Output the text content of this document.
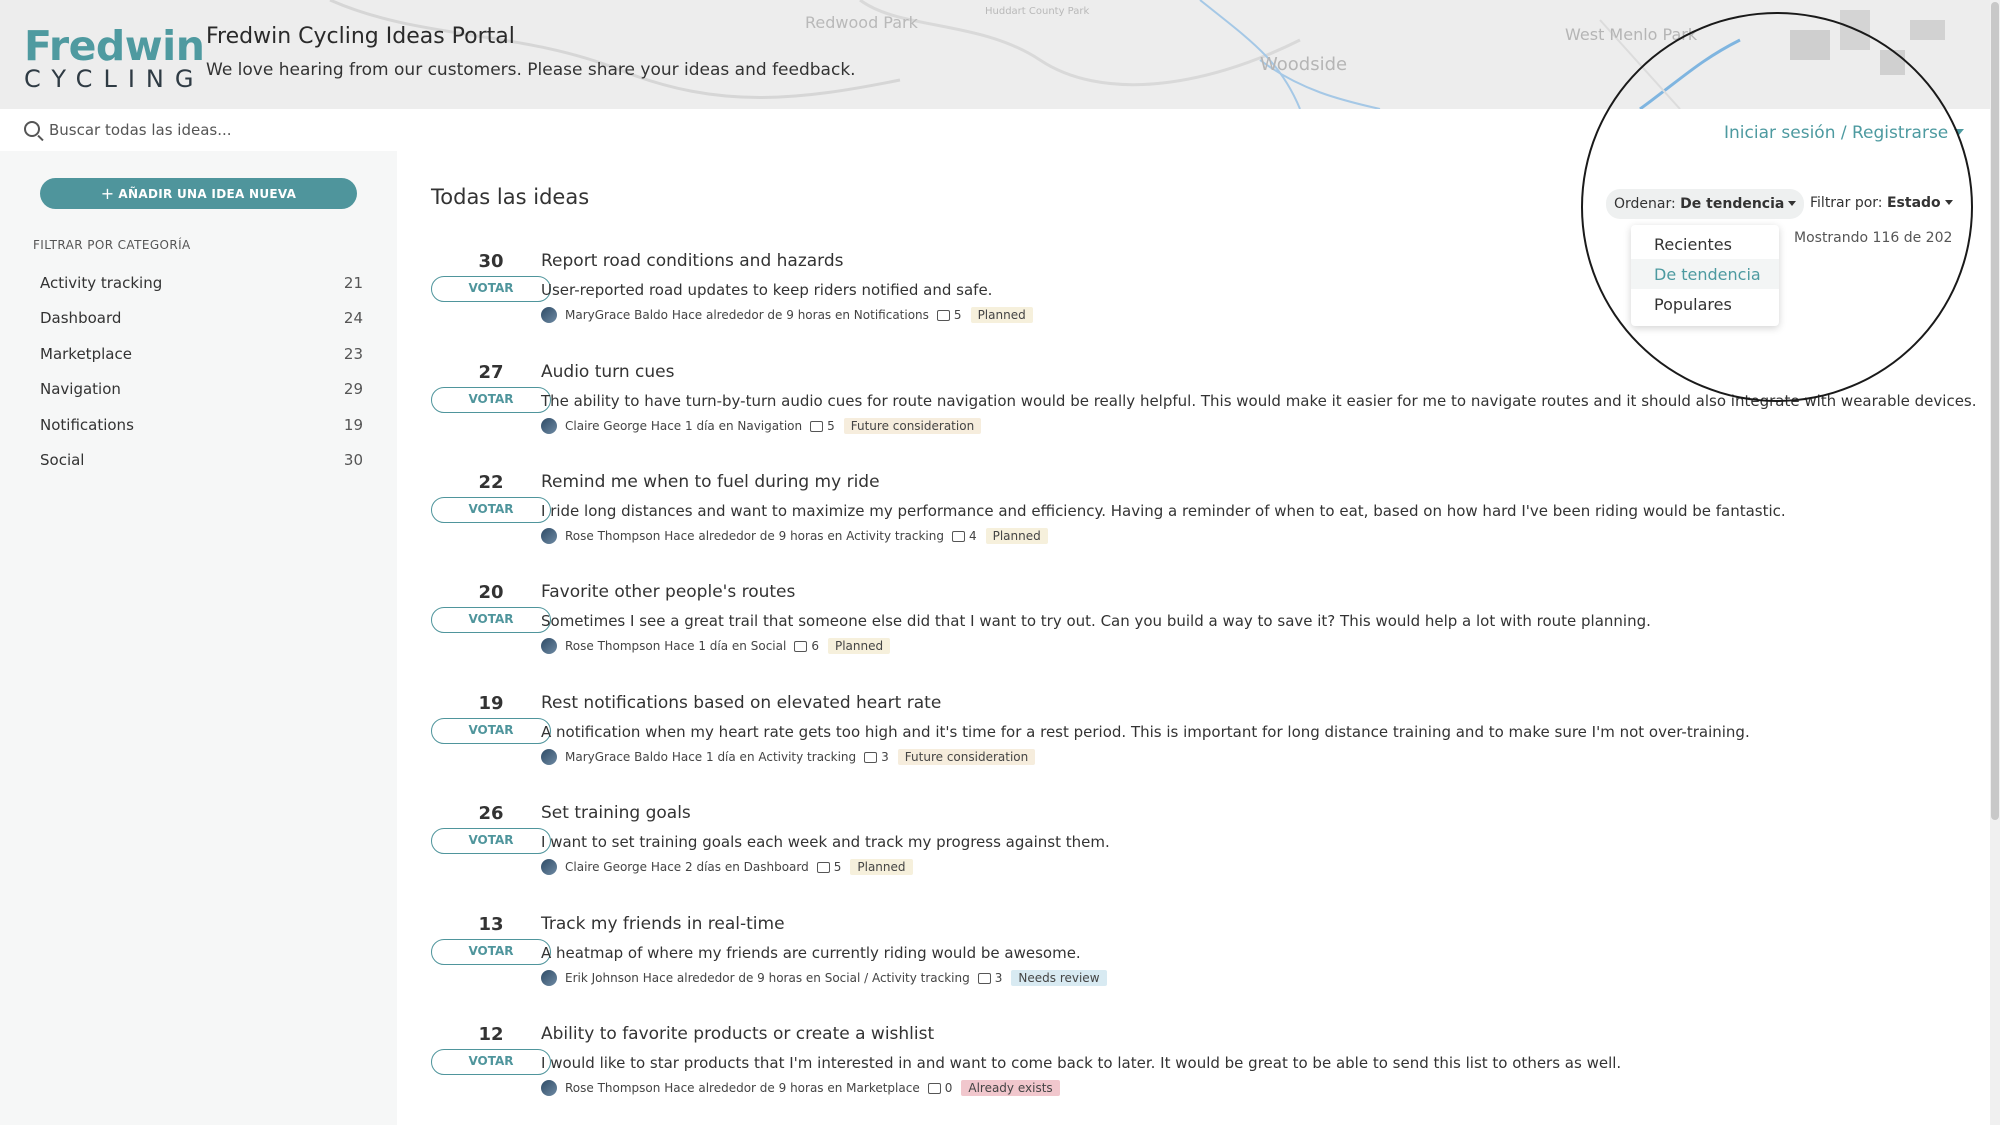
Redwood Park
Huddart County Park
Woodside
West Menlo Park
Fredwin
CYCLING
Fredwin Cycling Ideas Portal
We love hearing from our customers. Please share your ideas and feedback.
Buscar todas las ideas...
Iniciar sesión / Registrarse
+ AÑADIR UNA IDEA NUEVA
FILTRAR POR CATEGORÍA
Activity tracking	21
Dashboard	24
Marketplace	23
Navigation	29
Notifications	19
Social	30
Todas las ideas	Ordenar: De tendencia	Filtrar por: Estado
Mostrando 116 de 202
Recientes
De tendencia
Populares
30
VOTAR
Report road conditions and hazards
User-reported road updates to keep riders notified and safe.
MaryGrace Baldo Hace alrededor de 9 horas en Notifications 5	Planned
27
VOTAR
Audio turn cues
The ability to have turn-by-turn audio cues for route navigation would be really helpful. This would make it easier for me to navigate routes and it should also integrate with wearable devices.
Claire George Hace 1 día en Navigation 5	Future consideration
22
VOTAR
Remind me when to fuel during my ride
I ride long distances and want to maximize my performance and efficiency. Having a reminder of when to eat, based on how hard I've been riding would be fantastic.
Rose Thompson Hace alrededor de 9 horas en Activity tracking 4	Planned
20
VOTAR
Favorite other people's routes
Sometimes I see a great trail that someone else did that I want to try out. Can you build a way to save it? This would help a lot with route planning.
Rose Thompson Hace 1 día en Social 6	Planned
19
VOTAR
Rest notifications based on elevated heart rate
A notification when my heart rate gets too high and it's time for a rest period. This is important for long distance training and to make sure I'm not over-training.
MaryGrace Baldo Hace 1 día en Activity tracking 3	Future consideration
26
VOTAR
Set training goals
I want to set training goals each week and track my progress against them.
Claire George Hace 2 días en Dashboard 5	Planned
13
VOTAR
Track my friends in real-time
A heatmap of where my friends are currently riding would be awesome.
Erik Johnson Hace alrededor de 9 horas en Social / Activity tracking 3	Needs review
12
VOTAR
Ability to favorite products or create a wishlist
I would like to star products that I'm interested in and want to come back to later. It would be great to be able to send this list to others as well.
Rose Thompson Hace alrededor de 9 horas en Marketplace 0	Already exists
